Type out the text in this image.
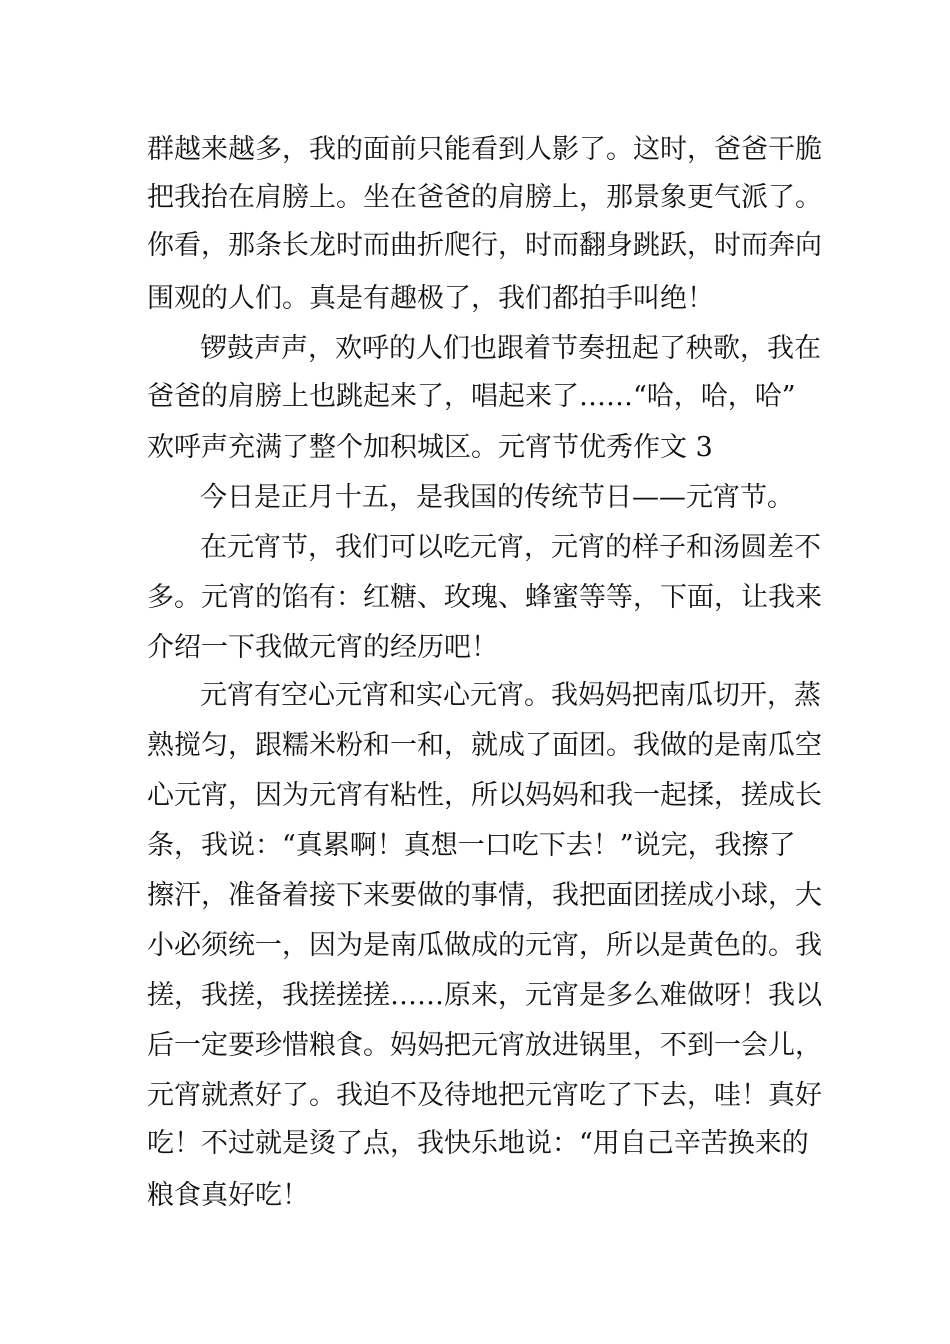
群越来越多，我的面前只能看到人影了。这时，爸爸干脆
把我抬在肩膀上。坐在爸爸的肩膀上，那景象更气派了。
你看，那条长龙时而曲折爬行，时而翻身跳跃，时而奔向
围观的人们。真是有趣极了，我们都拍手叫绝！
锣鼓声声，欢呼的人们也跟着节奏扭起了秧歌，我在
爸爸的肩膀上也跳起来了，唱起来了……“哈，哈，哈”
欢呼声充满了整个加积城区。元宵节优秀作文 3
今日是正月十五，是我国的传统节日——元宵节。
在元宵节，我们可以吃元宵，元宵的样子和汤圆差不
多。元宵的馅有：红糖、玫瑰、蜂蜜等等，下面，让我来
介绍一下我做元宵的经历吧！
元宵有空心元宵和实心元宵。我妈妈把南瓜切开，蒸
熟搅匀，跟糯米粉和一和，就成了面团。我做的是南瓜空
心元宵，因为元宵有粘性，所以妈妈和我一起揉，搓成长
条，我说：“真累啊！真想一口吃下去！”说完，我擦了
擦汗，准备着接下来要做的事情，我把面团搓成小球，大
小必须统一，因为是南瓜做成的元宵，所以是黄色的。我
搓，我搓，我搓搓搓……原来，元宵是多么难做呀！我以
后一定要珍惜粮食。妈妈把元宵放进锅里，不到一会儿，
元宵就煮好了。我迫不及待地把元宵吃了下去，哇！真好
吃！不过就是烫了点，我快乐地说：“用自己辛苦换来的
粮食真好吃！
